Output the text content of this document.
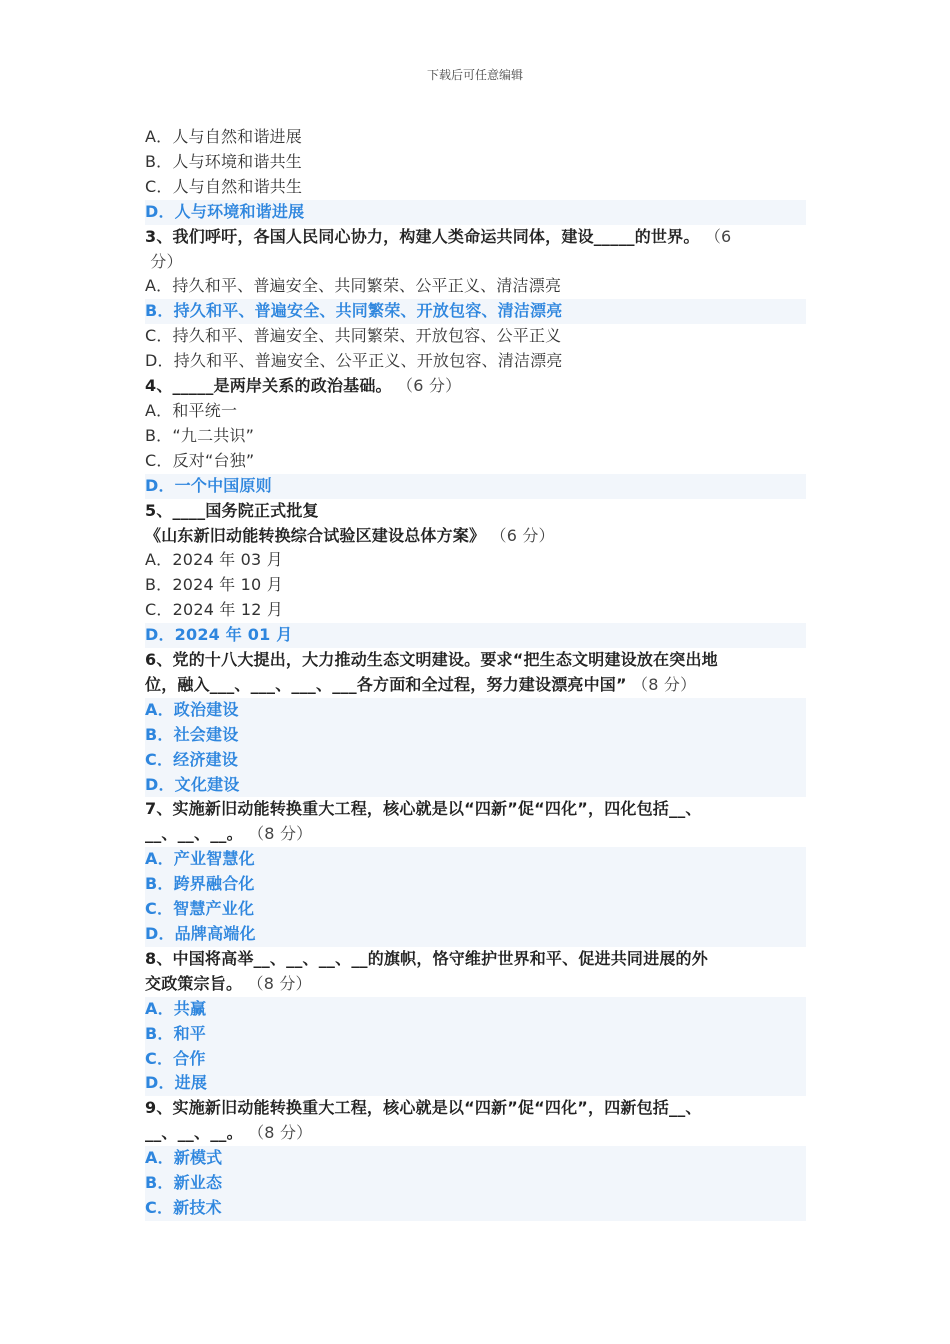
下载后可任意编辑
A．人与自然和谐进展
B．人与环境和谐共生
C．人与自然和谐共生
D．人与环境和谐进展
3、我们呼吁，各国人民同心协力，构建人类命运共同体，建设_____的世界。 （6
分）
A．持久和平、普遍安全、共同繁荣、公平正义、清洁漂亮
B．持久和平、普遍安全、共同繁荣、开放包容、清洁漂亮
C．持久和平、普遍安全、共同繁荣、开放包容、公平正义
D．持久和平、普遍安全、公平正义、开放包容、清洁漂亮
4、_____是两岸关系的政治基础。 （6 分）
A．和平统一
B．“九二共识”
C．反对“台独”
D．一个中国原则
5、____国务院正式批复
《山东新旧动能转换综合试验区建设总体方案》 （6 分）
A．2024 年 03 月
B．2024 年 10 月
C．2024 年 12 月
D．2024 年 01 月
6、党的十八大提出，大力推动生态文明建设。要求“把生态文明建设放在突出地
位，融入___、___、___、___各方面和全过程，努力建设漂亮中国” （8 分）
A．政治建设
B．社会建设
C．经济建设
D．文化建设
7、实施新旧动能转换重大工程，核心就是以“四新”促“四化”，四化包括__、
__、__、__。 （8 分）
A．产业智慧化
B．跨界融合化
C．智慧产业化
D．品牌高端化
8、中国将高举__、__、__、__的旗帜，恪守维护世界和平、促进共同进展的外
交政策宗旨。 （8 分）
A．共赢
B．和平
C．合作
D．进展
9、实施新旧动能转换重大工程，核心就是以“四新”促“四化”，四新包括__、
__、__、__。 （8 分）
A．新模式
B．新业态
C．新技术
